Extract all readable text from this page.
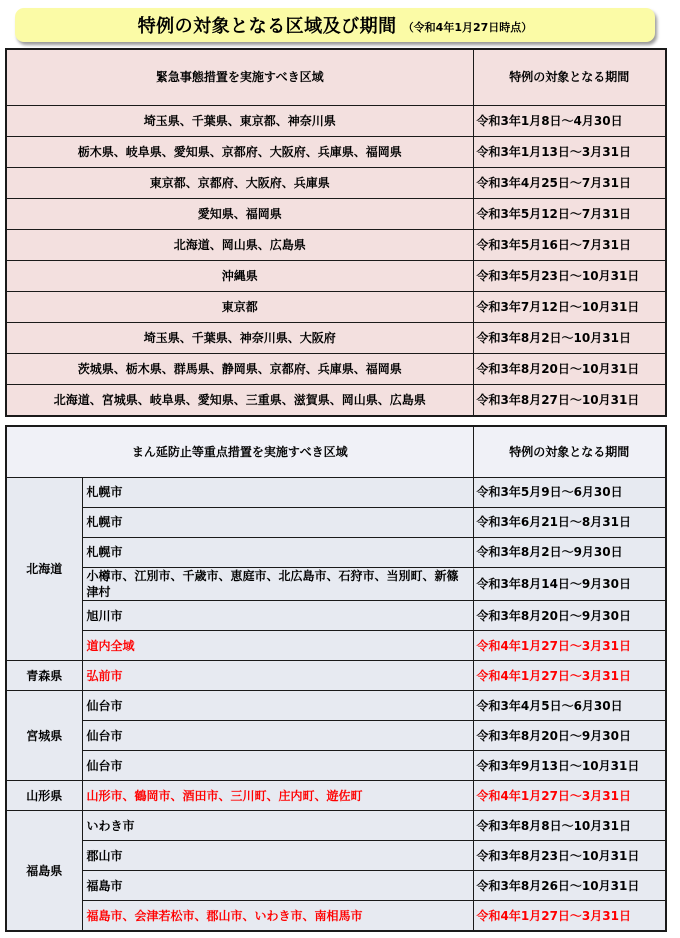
特例の対象となる区域及び期間 （令和4年1月27日時点）
緊急事態措置を実施すべき区域	特例の対象となる期間
埼玉県、千葉県、東京都、神奈川県	令和3年1月8日～4月30日
栃木県、岐阜県、愛知県、京都府、大阪府、兵庫県、福岡県	令和3年1月13日～3月31日
東京都、京都府、大阪府、兵庫県	令和3年4月25日～7月31日
愛知県、福岡県	令和3年5月12日～7月31日
北海道、岡山県、広島県	令和3年5月16日～7月31日
沖縄県	令和3年5月23日～10月31日
東京都	令和3年7月12日～10月31日
埼玉県、千葉県、神奈川県、大阪府	令和3年8月2日～10月31日
茨城県、栃木県、群馬県、静岡県、京都府、兵庫県、福岡県	令和3年8月20日～10月31日
北海道、宮城県、岐阜県、愛知県、三重県、滋賀県、岡山県、広島県	令和3年8月27日～10月31日
まん延防止等重点措置を実施すべき区域		特例の対象となる期間
北海道	札幌市	令和3年5月9日～6月30日
	札幌市	令和3年6月21日～8月31日
	札幌市	令和3年8月2日～9月30日
	小樽市、江別市、千歳市、恵庭市、北広島市、石狩市、当別町、新篠津村	令和3年8月14日～9月30日
	旭川市	令和3年8月20日～9月30日
	道内全域	令和4年1月27日～3月31日
青森県	弘前市	令和4年1月27日～3月31日
宮城県	仙台市	令和3年4月5日～6月30日
	仙台市	令和3年8月20日～9月30日
	仙台市	令和3年9月13日～10月31日
山形県	山形市、鶴岡市、酒田市、三川町、庄内町、遊佐町	令和4年1月27日～3月31日
福島県	いわき市	令和3年8月8日～10月31日
	郡山市	令和3年8月23日～10月31日
	福島市	令和3年8月26日～10月31日
	福島市、会津若松市、郡山市、いわき市、南相馬市	令和4年1月27日～3月31日
